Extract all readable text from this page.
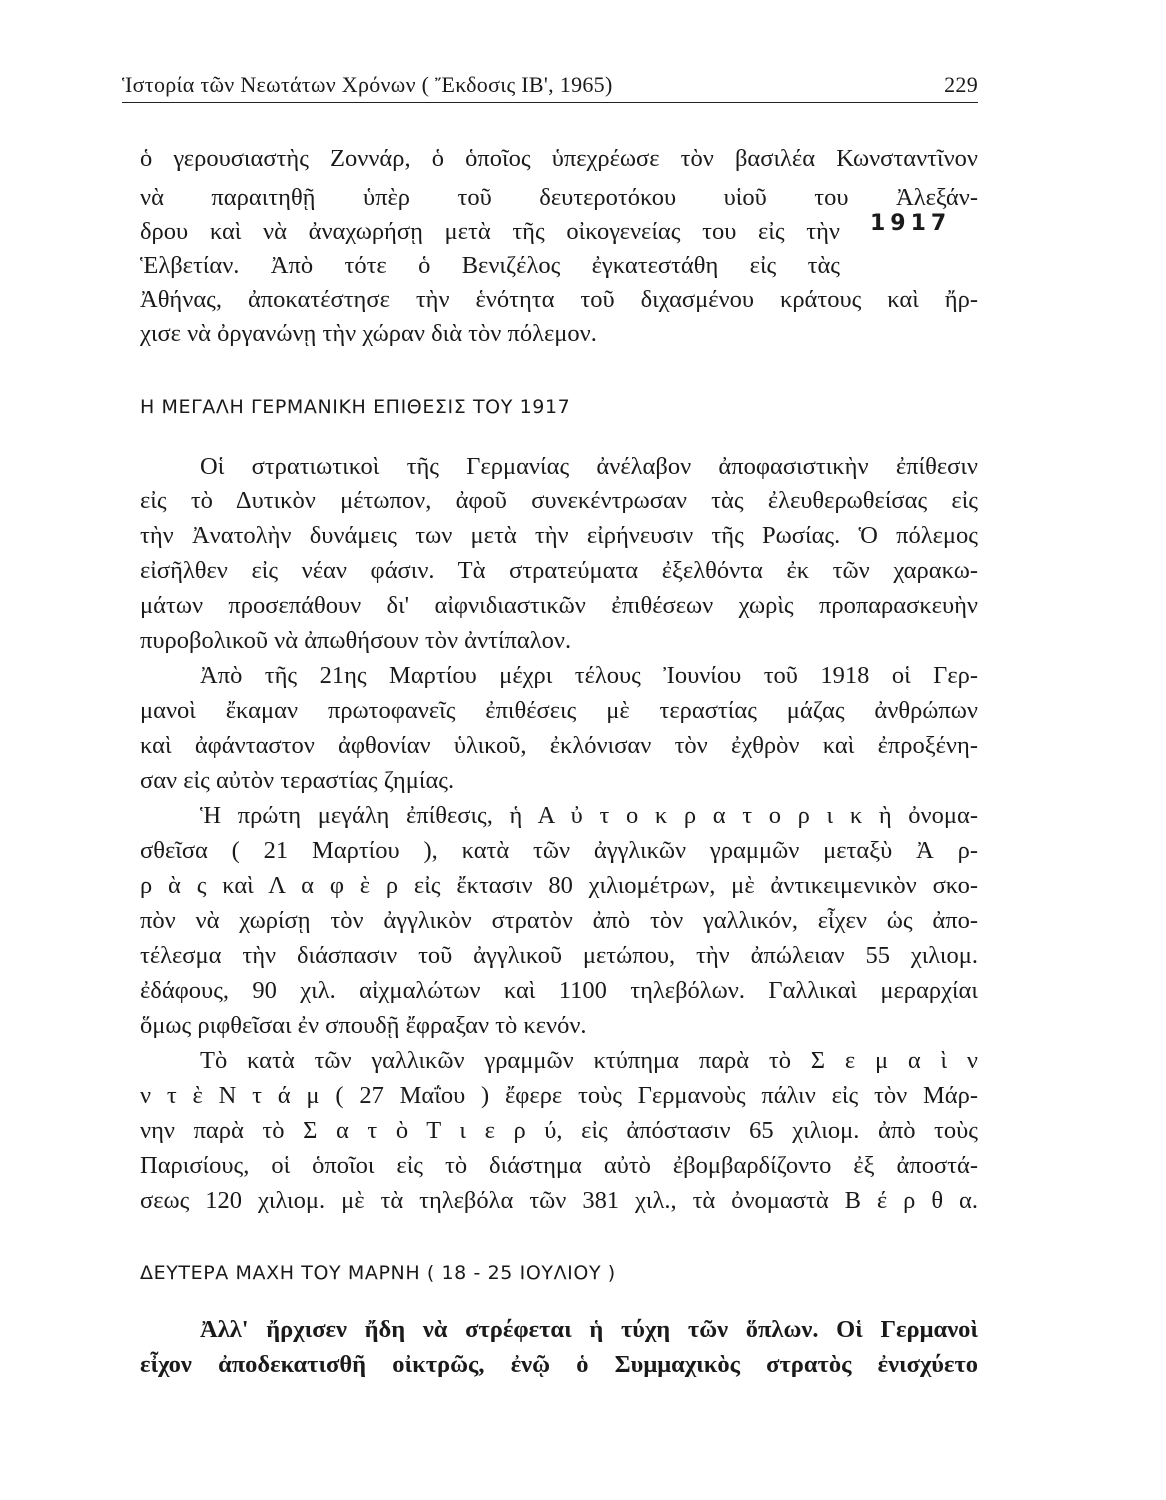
Ἱστορία τῶν Νεωτάτων Χρόνων ( Ἔκδοσις ΙΒ', 1965)	229
1917
ὁ γερουσιαστὴς Ζοννάρ, ὁ ὁποῖος ὑπεχρέωσε τὸν βασιλέα Κωνσταντῖνον
νὰ παραιτηθῇ ὑπὲρ τοῦ δευτεροτόκου υἱοῦ του Ἀλεξάν-
δρου καὶ νὰ ἀναχωρήσῃ μετὰ τῆς οἰκογενείας του εἰς τὴν
Ἑλβετίαν. Ἀπὸ τότε ὁ Βενιζέλος ἐγκατεστάθη εἰς τὰς
Ἀθήνας, ἀποκατέστησε τὴν ἑνότητα τοῦ διχασμένου κράτους καὶ ἤρ-
χισε νὰ ὀργανώνῃ τὴν χώραν διὰ τὸν πόλεμον.
Η ΜΕΓΑΛΗ ΓΕΡΜΑΝΙΚΗ ΕΠΙΘΕΣΙΣ ΤΟΥ 1917
Οἱ στρατιωτικοὶ τῆς Γερμανίας ἀνέλαβον ἀποφασιστικὴν ἐπίθεσιν
εἰς τὸ Δυτικὸν μέτωπον, ἀφοῦ συνεκέντρωσαν τὰς ἐλευθερωθείσας εἰς
τὴν Ἀνατολὴν δυνάμεις των μετὰ τὴν εἰρήνευσιν τῆς Ρωσίας. Ὁ πόλεμος
εἰσῆλθεν εἰς νέαν φάσιν. Τὰ στρατεύματα ἐξελθόντα ἐκ τῶν χαρακω-
μάτων προσεπάθουν δι' αἰφνιδιαστικῶν ἐπιθέσεων χωρὶς προπαρασκευὴν
πυροβολικοῦ νὰ ἀπωθήσουν τὸν ἀντίπαλον.
Ἀπὸ τῆς 21ης Μαρτίου μέχρι τέλους Ἰουνίου τοῦ 1918 οἱ Γερ-
μανοὶ ἔκαμαν πρωτοφανεῖς ἐπιθέσεις μὲ τεραστίας μάζας ἀνθρώπων
καὶ ἀφάνταστον ἀφθονίαν ὑλικοῦ, ἐκλόνισαν τὸν ἐχθρὸν καὶ ἐπροξένη-
σαν εἰς αὐτὸν τεραστίας ζημίας.
Ἡ πρώτη μεγάλη ἐπίθεσις, ἡ Α ὐ τ ο κ ρ α τ ο ρ ι κ ὴ ὀνομα-
σθεῖσα ( 21 Μαρτίου ), κατὰ τῶν ἀγγλικῶν γραμμῶν μεταξὺ Ἀ ρ-
ρ ὰ ς καὶ Λ α φ ὲ ρ εἰς ἔκτασιν 80 χιλιομέτρων, μὲ ἀντικειμενικὸν σκο-
πὸν νὰ χωρίσῃ τὸν ἀγγλικὸν στρατὸν ἀπὸ τὸν γαλλικόν, εἶχεν ὡς ἀπο-
τέλεσμα τὴν διάσπασιν τοῦ ἀγγλικοῦ μετώπου, τὴν ἀπώλειαν 55 χιλιομ.
ἐδάφους, 90 χιλ. αἰχμαλώτων καὶ 1100 τηλεβόλων. Γαλλικαὶ μεραρχίαι
ὅμως ριφθεῖσαι ἐν σπουδῇ ἔφραξαν τὸ κενόν.
Τὸ κατὰ τῶν γαλλικῶν γραμμῶν κτύπημα παρὰ τὸ Σ ε μ α ὶ ν
ν τ ὲ Ν τ ά μ ( 27 Μαΐου ) ἔφερε τοὺς Γερμανοὺς πάλιν εἰς τὸν Μάρ-
νην παρὰ τὸ Σ α τ ὸ Τ ι ε ρ ύ, εἰς ἀπόστασιν 65 χιλιομ. ἀπὸ τοὺς
Παρισίους, οἱ ὁποῖοι εἰς τὸ διάστημα αὐτὸ ἐβομβαρδίζοντο ἐξ ἀποστά-
σεως 120 χιλιομ. μὲ τὰ τηλεβόλα τῶν 381 χιλ., τὰ ὀνομαστὰ Β έ ρ θ α.
ΔΕΥΤΕΡΑ ΜΑΧΗ ΤΟΥ ΜΑΡΝΗ ( 18 - 25 ΙΟΥΛΙΟΥ )
Ἀλλ' ἤρχισεν ἤδη νὰ στρέφεται ἡ τύχη τῶν ὅπλων. Οἱ Γερμανοὶ
εἶχον ἀποδεκατισθῆ οἰκτρῶς, ἐνῷ ὁ Συμμαχικὸς στρατὸς ἐνισχύετο
